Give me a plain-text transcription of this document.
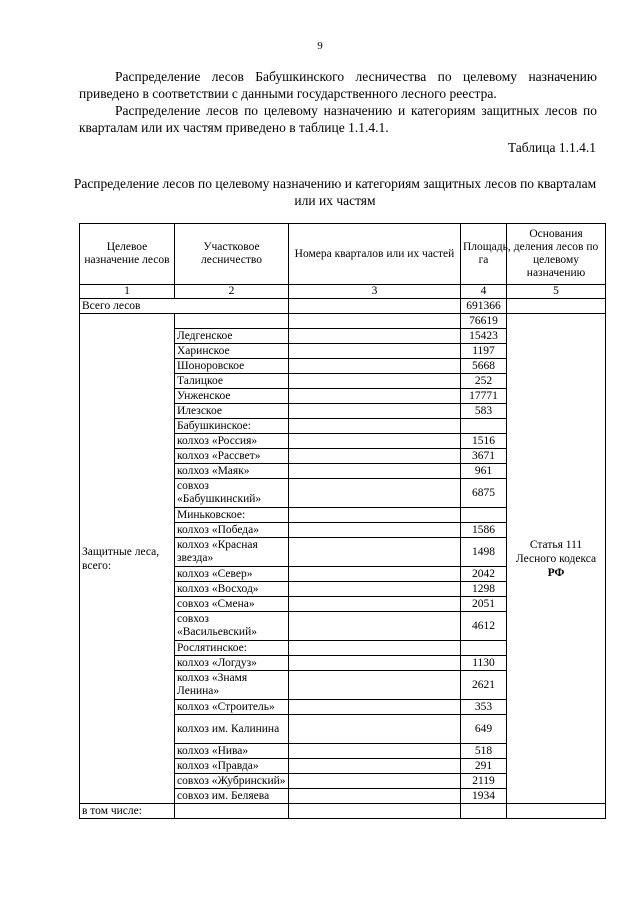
9

Распределение лесов Бабушкинского лесничества по целевому назначению приведено в соответствии с данными государственного лесного реестра.

Распределение лесов по целевому назначению и категориям защитных лесов по кварталам или их частям приведено в таблице 1.1.4.1.

Таблица 1.1.4.1
Распределение лесов по целевому назначению и категориям защитных лесов по кварталам или их частям
Целевое назначение лесов	Участковое лесничество	Номера кварталов или их частей	Площадь, га	Основания деления лесов по целевому назначению
1	2	3	4	5
Всего лесов			691366	
Защитные леса, всего:			76619	Статья 111 Лесного кодекса
РФ
	Ледгенское		15423	
	Харинское		1197	
	Шоноровское		5668	
	Талицкое		252	
	Унженское		17771	
	Илезское		583	
	Бабушкинское:			
	колхоз «Россия»		1516	
	колхоз «Рассвет»		3671	
	колхоз «Маяк»		961	
	совхоз «Бабушкинский»		6875	
	Миньковское:			
	колхоз «Победа»		1586	
	колхоз «Красная звезда»		1498	
	колхоз «Север»		2042	
	колхоз «Восход»		1298	
	совхоз «Смена»		2051	
	совхоз «Васильевский»		4612	
	Рослятинское:			
	колхоз «Логдуз»		1130	
	колхоз «Знамя Ленина»		2621	
	колхоз «Строитель»		353	
	колхоз им. Калинина		649	
	колхоз «Нива»		518	
	колхоз «Правда»		291	
	совхоз «Жубринский»		2119	
	совхоз им. Беляева		1934	
в том числе:				
